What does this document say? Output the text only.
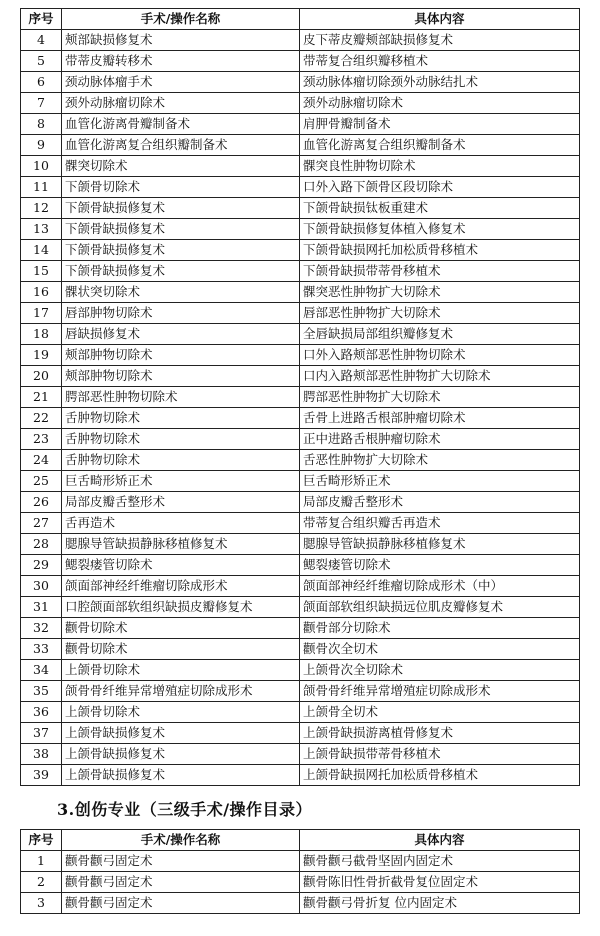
序号	手术/操作名称	具体内容
4	颊部缺损修复术	皮下蒂皮瓣颊部缺损修复术
5	带蒂皮瓣转移术	带蒂复合组织瓣移植术
6	颈动脉体瘤手术	颈动脉体瘤切除颈外动脉结扎术
7	颈外动脉瘤切除术	颈外动脉瘤切除术
8	血管化游离骨瓣制备术	肩胛骨瓣制备术
9	血管化游离复合组织瓣制备术	血管化游离复合组织瓣制备术
10	髁突切除术	髁突良性肿物切除术
11	下颌骨切除术	口外入路下颌骨区段切除术
12	下颌骨缺损修复术	下颌骨缺损钛板重建术
13	下颌骨缺损修复术	下颌骨缺损修复体植入修复术
14	下颌骨缺损修复术	下颌骨缺损网托加松质骨移植术
15	下颌骨缺损修复术	下颌骨缺损带蒂骨移植术
16	髁状突切除术	髁突恶性肿物扩大切除术
17	唇部肿物切除术	唇部恶性肿物扩大切除术
18	唇缺损修复术	全唇缺损局部组织瓣修复术
19	颊部肿物切除术	口外入路颊部恶性肿物切除术
20	颊部肿物切除术	口内入路颊部恶性肿物扩大切除术
21	腭部恶性肿物切除术	腭部恶性肿物扩大切除术
22	舌肿物切除术	舌骨上进路舌根部肿瘤切除术
23	舌肿物切除术	正中进路舌根肿瘤切除术
24	舌肿物切除术	舌恶性肿物扩大切除术
25	巨舌畸形矫正术	巨舌畸形矫正术
26	局部皮瓣舌整形术	局部皮瓣舌整形术
27	舌再造术	带蒂复合组织瓣舌再造术
28	腮腺导管缺损静脉移植修复术	腮腺导管缺损静脉移植修复术
29	鳃裂瘘管切除术	鳃裂瘘管切除术
30	颌面部神经纤维瘤切除成形术	颌面部神经纤维瘤切除成形术（中）
31	口腔颌面部软组织缺损皮瓣修复术	颌面部软组织缺损远位肌皮瓣修复术
32	颧骨切除术	颧骨部分切除术
33	颧骨切除术	颧骨次全切术
34	上颌骨切除术	上颌骨次全切除术
35	颌骨骨纤维异常增殖症切除成形术	颌骨骨纤维异常增殖症切除成形术
36	上颌骨切除术	上颌骨全切术
37	上颌骨缺损修复术	上颌骨缺损游离植骨修复术
38	上颌骨缺损修复术	上颌骨缺损带蒂骨移植术
39	上颌骨缺损修复术	上颌骨缺损网托加松质骨移植术
3.创伤专业（三级手术/操作目录）
序号	手术/操作名称	具体内容
1	颧骨颧弓固定术	颧骨颧弓截骨坚固内固定术
2	颧骨颧弓固定术	颧骨陈旧性骨折截骨复位固定术
3	颧骨颧弓固定术	颧骨颧弓骨折复 位内固定术
